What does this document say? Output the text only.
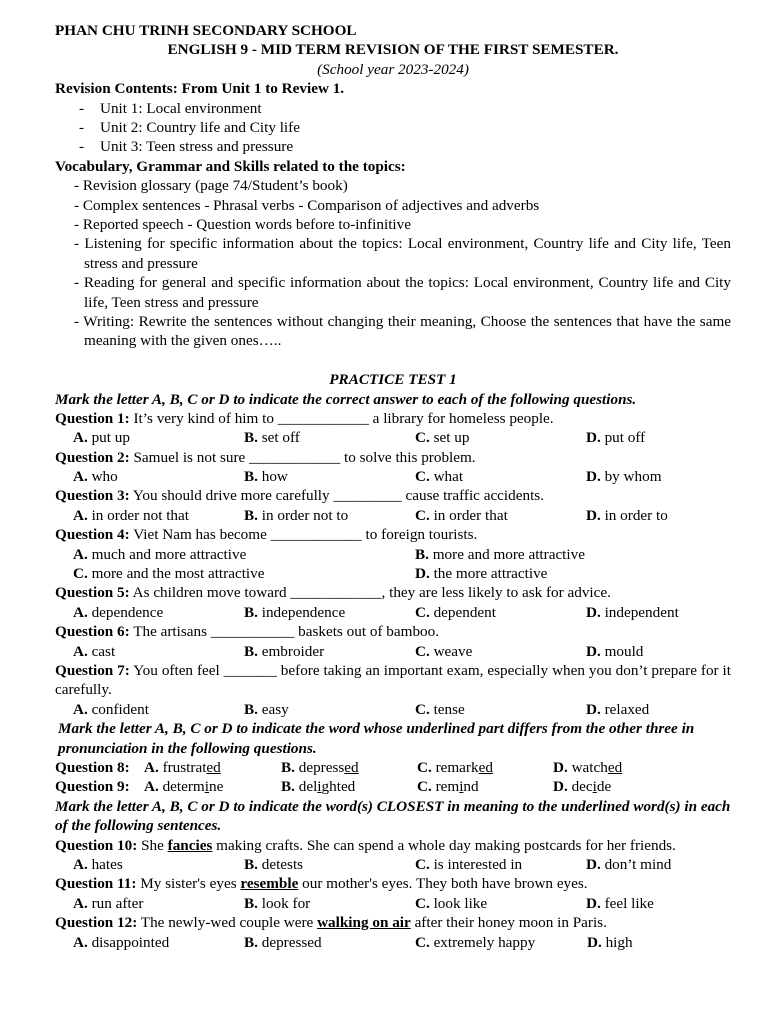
PHAN CHU TRINH SECONDARY SCHOOL
ENGLISH 9 - MID TERM REVISION OF THE FIRST SEMESTER.
(School year 2023-2024)
Revision Contents: From Unit 1 to Review 1.
- Unit 1: Local environment
- Unit 2: Country life and City life
- Unit 3: Teen stress and pressure
Vocabulary, Grammar and Skills related to the topics:
- Revision glossary (page 74/Student’s book)
- Complex sentences - Phrasal verbs - Comparison of adjectives and adverbs
- Reported speech - Question words before to-infinitive
- Listening for specific information about the topics: Local environment, Country life and City life, Teen stress and pressure
- Reading for general and specific information about the topics: Local environment, Country life and City life, Teen stress and pressure
- Writing: Rewrite the sentences without changing their meaning, Choose the sentences that have the same meaning with the given ones…..
PRACTICE TEST 1
Mark the letter A, B, C or D to indicate the correct answer to each of the following questions.
Question 1: It’s very kind of him to ____________ a library for homeless people.
A. put up	B. set off	C. set up	D. put off
Question 2: Samuel is not sure ____________ to solve this problem.
A. who	B. how	C. what	D. by whom
Question 3: You should drive more carefully _________ cause traffic accidents.
A. in order not that	B. in order not to	C. in order that	D. in order to
Question 4: Viet Nam has become ____________ to foreign tourists.
A. much and more attractive	B. more and more attractive
C. more and the most attractive	D. the more attractive
Question 5: As children move toward ____________, they are less likely to ask for advice.
A. dependence	B. independence	C. dependent	D. independent
Question 6: The artisans ___________ baskets out of bamboo.
A. cast	B. embroider	C. weave	D. mould
Question 7: You often feel _______ before taking an important exam, especially when you don’t prepare for it carefully.
A. confident	B. easy	C. tense	D. relaxed
Mark the letter A, B, C or D to indicate the word whose underlined part differs from the other three in pronunciation in the following questions.
Question 8: A. frustrated	B. depressed	C. remarked	D. watched
Question 9: A. determine	B. delighted	C. remind	D. decide
Mark the letter A, B, C or D to indicate the word(s) CLOSEST in meaning to the underlined word(s) in each of the following sentences.
Question 10: She fancies making crafts. She can spend a whole day making postcards for her friends.
A. hates	B. detests	C. is interested in	D. don’t mind
Question 11: My sister's eyes resemble our mother's eyes. They both have brown eyes.
A. run after	B. look for	C. look like	D. feel like
Question 12: The newly-wed couple were walking on air after their honey moon in Paris.
A. disappointed	B. depressed	C. extremely happy	D. high
